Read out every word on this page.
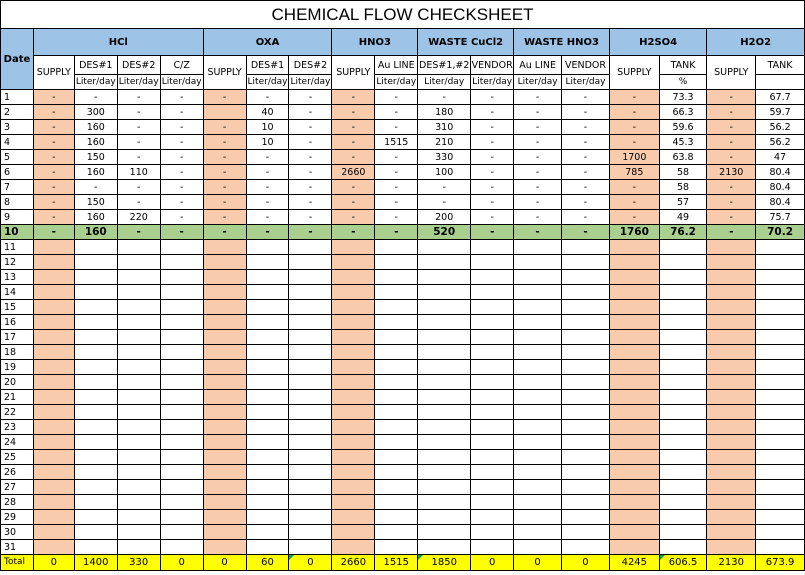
CHEMICAL FLOW CHECKSHEET
Date	HCl				OXA			HNO3		WASTE CuCl2		WASTE HNO3		H2SO4		H2O2	
	SUPPLY	DES#1	DES#2	C/Z	SUPPLY	DES#1	DES#2	SUPPLY	Au LINE	DES#1,#2	VENDOR	Au LINE	VENDOR	SUPPLY	TANK	SUPPLY	TANK
		Liter/day	Liter/day	Liter/day		Liter/day	Liter/day		Liter/day	Liter/day	Liter/day	Liter/day	Liter/day		%		
1	-	-	-	-	-	-	-	-	-	-	-	-	-	-	73.3	-	67.7
2	-	300	-	-		40	-	-	-	180	-	-	-	-	66.3	-	59.7
3	-	160	-	-	-	10	-	-	-	310	-	-	-	-	59.6	-	56.2
4	-	160	-	-	-	10	-	-	1515	210	-	-	-	-	45.3	-	56.2
5	-	150	-	-	-	-	-	-	-	330	-	-	-	1700	63.8	-	47
6	-	160	110	-	-	-	-	2660	-	100	-	-	-	785	58	2130	80.4
7	-	-	-	-	-	-	-	-	-	-	-	-	-	-	58	-	80.4
8	-	150	-	-	-	-	-	-	-	-	-	-	-	-	57	-	80.4
9	-	160	220	-	-	-	-	-	-	200	-	-	-	-	49	-	75.7
10	-	160	-	-	-	-	-	-	-	520	-	-	-	1760	76.2	-	70.2
11																	
12																	
13																	
14																	
15																	
16																	
17																	
18																	
19																	
20																	
21																	
22																	
23																	
24																	
25																	
26																	
27																	
28																	
29																	
30																	
31																	
Total	0	1400	330	0	0	60	0	2660	1515	1850	0	0	0	4245	606.5	2130	673.9
